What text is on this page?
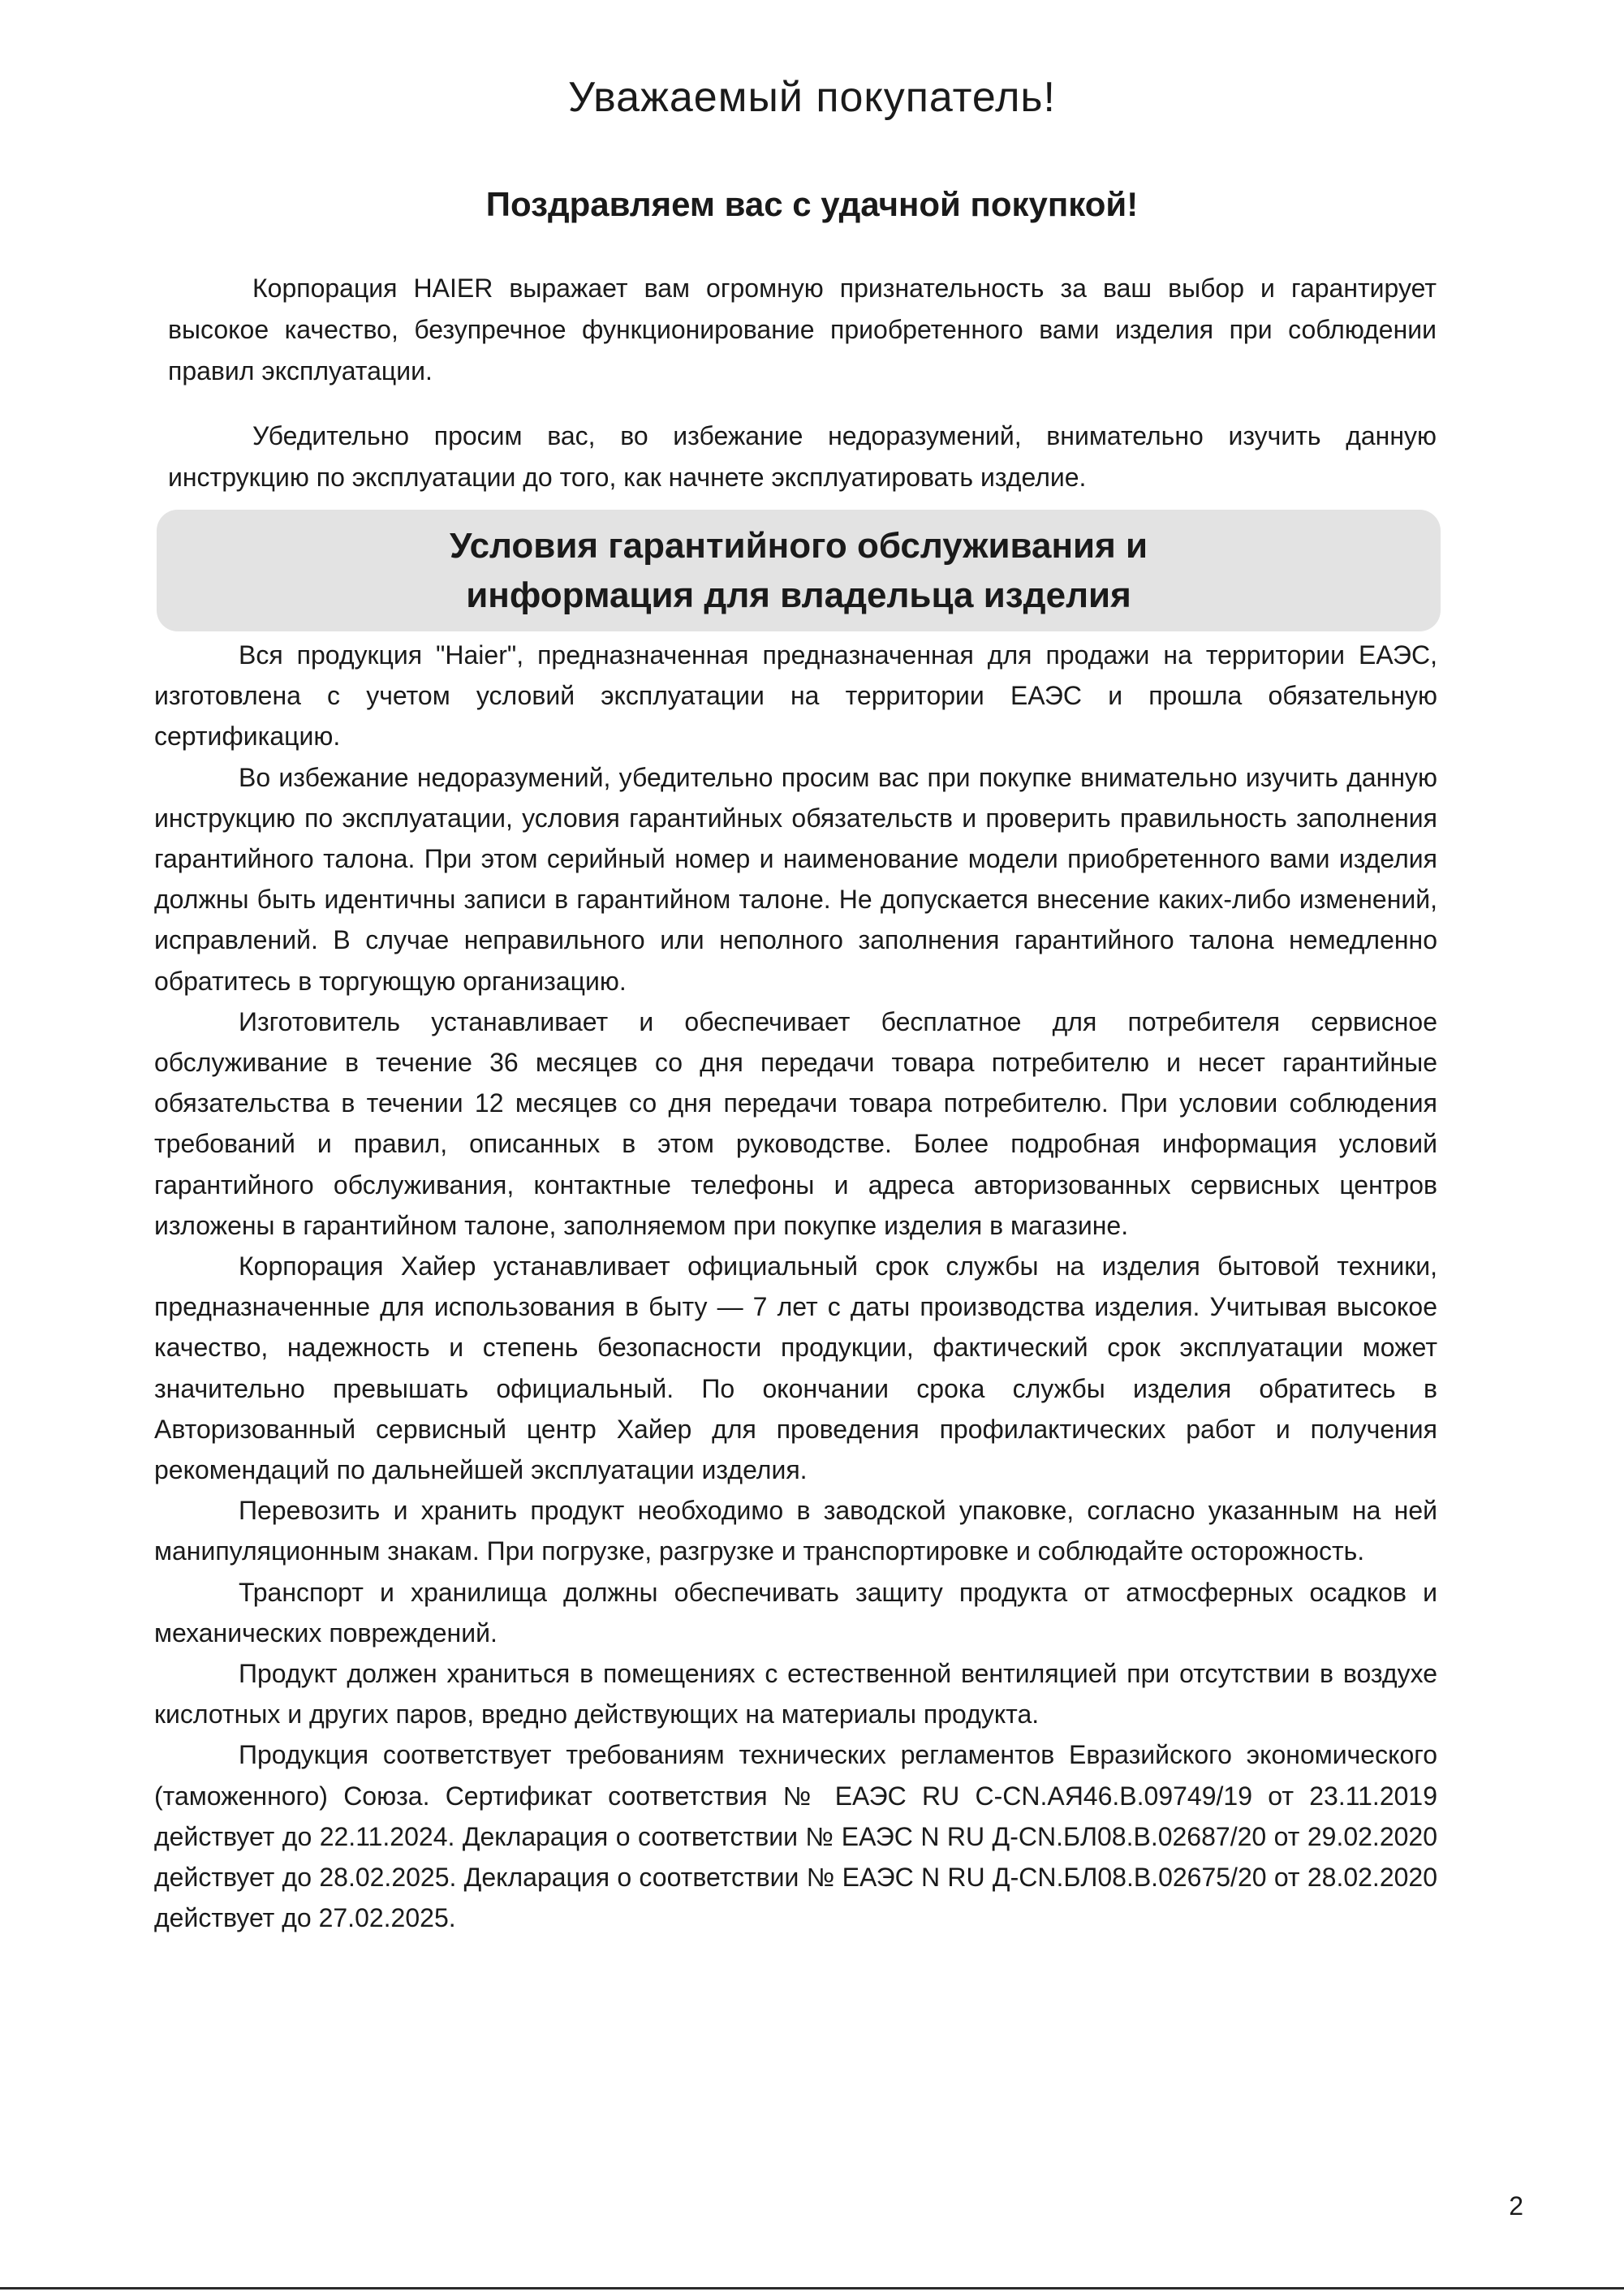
Уважаемый покупатель!
Поздравляем вас с удачной покупкой!

Корпорация HAIER выражает вам огромную признательность за ваш выбор и гарантирует высокое качество, безупречное функционирование приобретенного вами изделия при соблюдении правил эксплуатации.

Убедительно просим вас, во избежание недоразумений, внимательно изучить данную инструкцию по эксплуатации до того, как начнете эксплуатировать изделие.

Условия гарантийного обслуживания и
информация для владельца изделия

Вся продукция "Haier", предназначенная предназначенная для продажи на территории ЕАЭС, изготовлена с учетом условий эксплуатации на территории ЕАЭС и прошла обязательную сертификацию.

Во избежание недоразумений, убедительно просим вас при покупке внимательно изучить данную инструкцию по эксплуатации, условия гарантийных обязательств и проверить правильность заполнения гарантийного талона. При этом серийный номер и наименование модели приобретенного вами изделия должны быть идентичны записи в гарантийном талоне. Не допускается внесение каких-либо изменений, исправлений. В случае неправильного или неполного заполнения гарантийного талона немедленно обратитесь в торгующую организацию.

Изготовитель устанавливает и обеспечивает бесплатное для потребителя сервисное обслуживание в течение 36 месяцев со дня передачи товара потребителю и несет гарантийные обязательства в течении 12 месяцев со дня передачи товара потребителю. При условии соблюдения требований и правил, описанных в этом руководстве. Более подробная информация условий гарантийного обслуживания, контактные телефоны и адреса авторизованных сервисных центров изложены в гарантийном талоне, заполняемом при покупке изделия в магазине.

Корпорация Хайер устанавливает официальный срок службы на изделия бытовой техники, предназначенные для использования в быту — 7 лет с даты производства изделия. Учитывая высокое качество, надежность и степень безопасности продукции, фактический срок эксплуатации может значительно превышать официальный. По окончании срока службы изделия обратитесь в Авторизованный сервисный центр Хайер для проведения профилактических работ и получения рекомендаций по дальнейшей эксплуатации изделия.

Перевозить и хранить продукт необходимо в заводской упаковке, согласно указанным на ней манипуляционным знакам. При погрузке, разгрузке и транспортировке и соблюдайте осторожность.

Транспорт и хранилища должны обеспечивать защиту продукта от атмосферных осадков и механических повреждений.

Продукт должен храниться в помещениях с естественной вентиляцией при отсутствии в воздухе кислотных и других паров, вредно действующих на материалы продукта.

Продукция соответствует требованиям технических регламентов Евразийского экономического (таможенного) Союза. Сертификат соответствия № ЕАЭС RU C-CN.АЯ46.В.09749/19 от 23.11.2019 действует до 22.11.2024. Декларация о соответствии № ЕАЭС N RU Д-CN.БЛ08.В.02687/20 от 29.02.2020 действует до 28.02.2025. Декларация о соответствии № ЕАЭС N RU Д-CN.БЛ08.В.02675/20 от 28.02.2020 действует до 27.02.2025.

2
